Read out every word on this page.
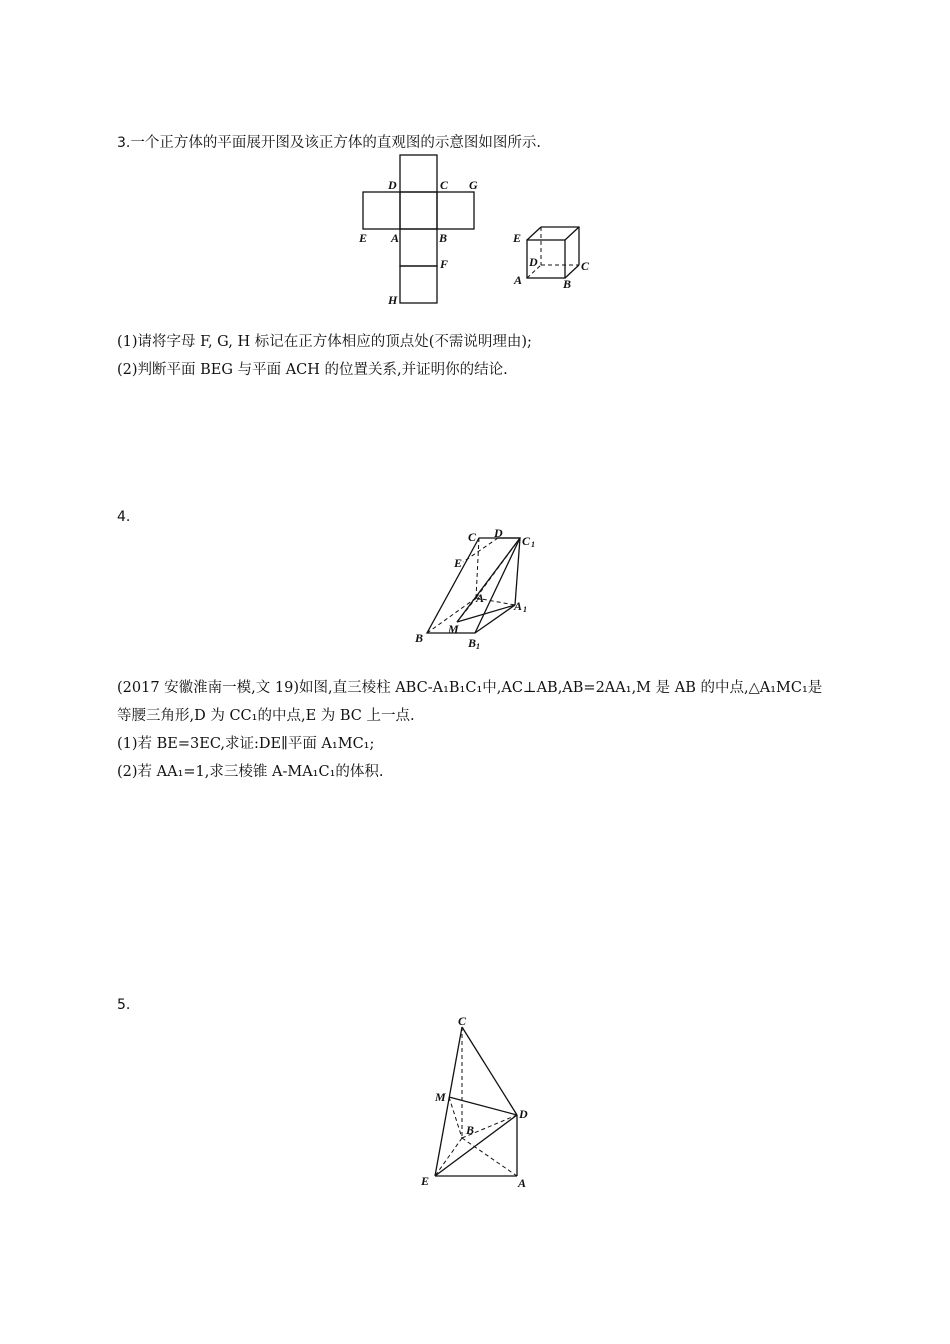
3.一个正方体的平面展开图及该正方体的直观图的示意图如图所示.
D	C G
E A	B
F
H
E
D	C
A	B
(1)请将字母 F, G, H 标记在正方体相应的顶点处(不需说明理由);
(2)判断平面 BEG 与平面 ACH 的位置关系,并证明你的结论.
4.
C D
C 1
E
A
A 1
M
B	B 1
(2017 安徽淮南一模,文 19)如图,直三棱柱 ABC-A₁B₁C₁中,AC⊥AB,AB=2AA₁,M 是 AB 的中点,△A₁MC₁是
等腰三角形,D 为 CC₁的中点,E 为 BC 上一点.
(1)若 BE=3EC,求证:DE∥平面 A₁MC₁;
(2)若 AA₁=1,求三棱锥 A-MA₁C₁的体积.
5.
C
M
D
B
E	A
